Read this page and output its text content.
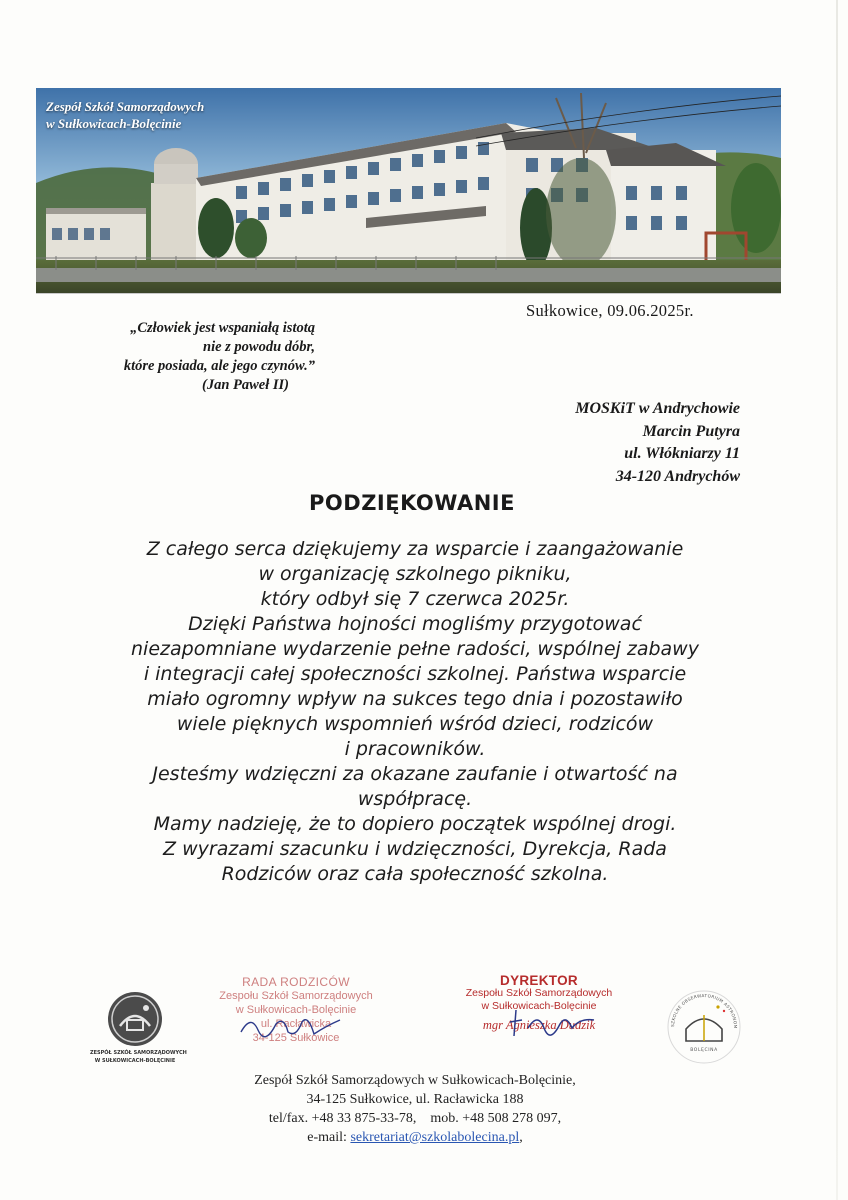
Zespół Szkół Samorządowych
w Sułkowicach-Bolęcinie
Sułkowice, 09.06.2025r.
„Człowiek jest wspaniałą istotą
nie z powodu dóbr,
które posiada, ale jego czynów.”
(Jan Paweł II)
MOSKiT w Andrychowie
Marcin Putyra
ul. Włókniarzy 11
34-120 Andrychów
PODZIĘKOWANIE
Z całego serca dziękujemy za wsparcie i zaangażowanie
w organizację szkolnego pikniku,
który odbył się 7 czerwca 2025r.
Dzięki Państwa hojności mogliśmy przygotować
niezapomniane wydarzenie pełne radości, wspólnej zabawy
i integracji całej społeczności szkolnej. Państwa wsparcie
miało ogromny wpływ na sukces tego dnia i pozostawiło
wiele pięknych wspomnień wśród dzieci, rodziców
i pracowników.
Jesteśmy wdzięczni za okazane zaufanie i otwartość na
współpracę.
Mamy nadzieję, że to dopiero początek wspólnej drogi.
Z wyrazami szacunku i wdzięczności, Dyrekcja, Rada
Rodziców oraz cała społeczność szkolna.
ZESPÓŁ SZKÓŁ SAMORZĄDOWYCH
W SUŁKOWICACH-BOLĘCINIE
RADA RODZICÓW
Zespołu Szkół Samorządowych
w Sułkowicach-Bolęcinie
ul. Racławicka
34-125 Sułkowice
DYREKTOR
Zespołu Szkół Samorządowych
w Sułkowicach-Bolęcinie
mgr Agnieszka Dudzik	SZKOLNE OBSERWATORIUM ASTRONOM
BOLĘCINA
Zespół Szkół Samorządowych w Sułkowicach-Bolęcinie,
34-125 Sułkowice, ul. Racławicka 188
tel/fax. +48 33 875-33-78, mob. +48 508 278 097,
e-mail: sekretariat@szkolabolecina.pl,
